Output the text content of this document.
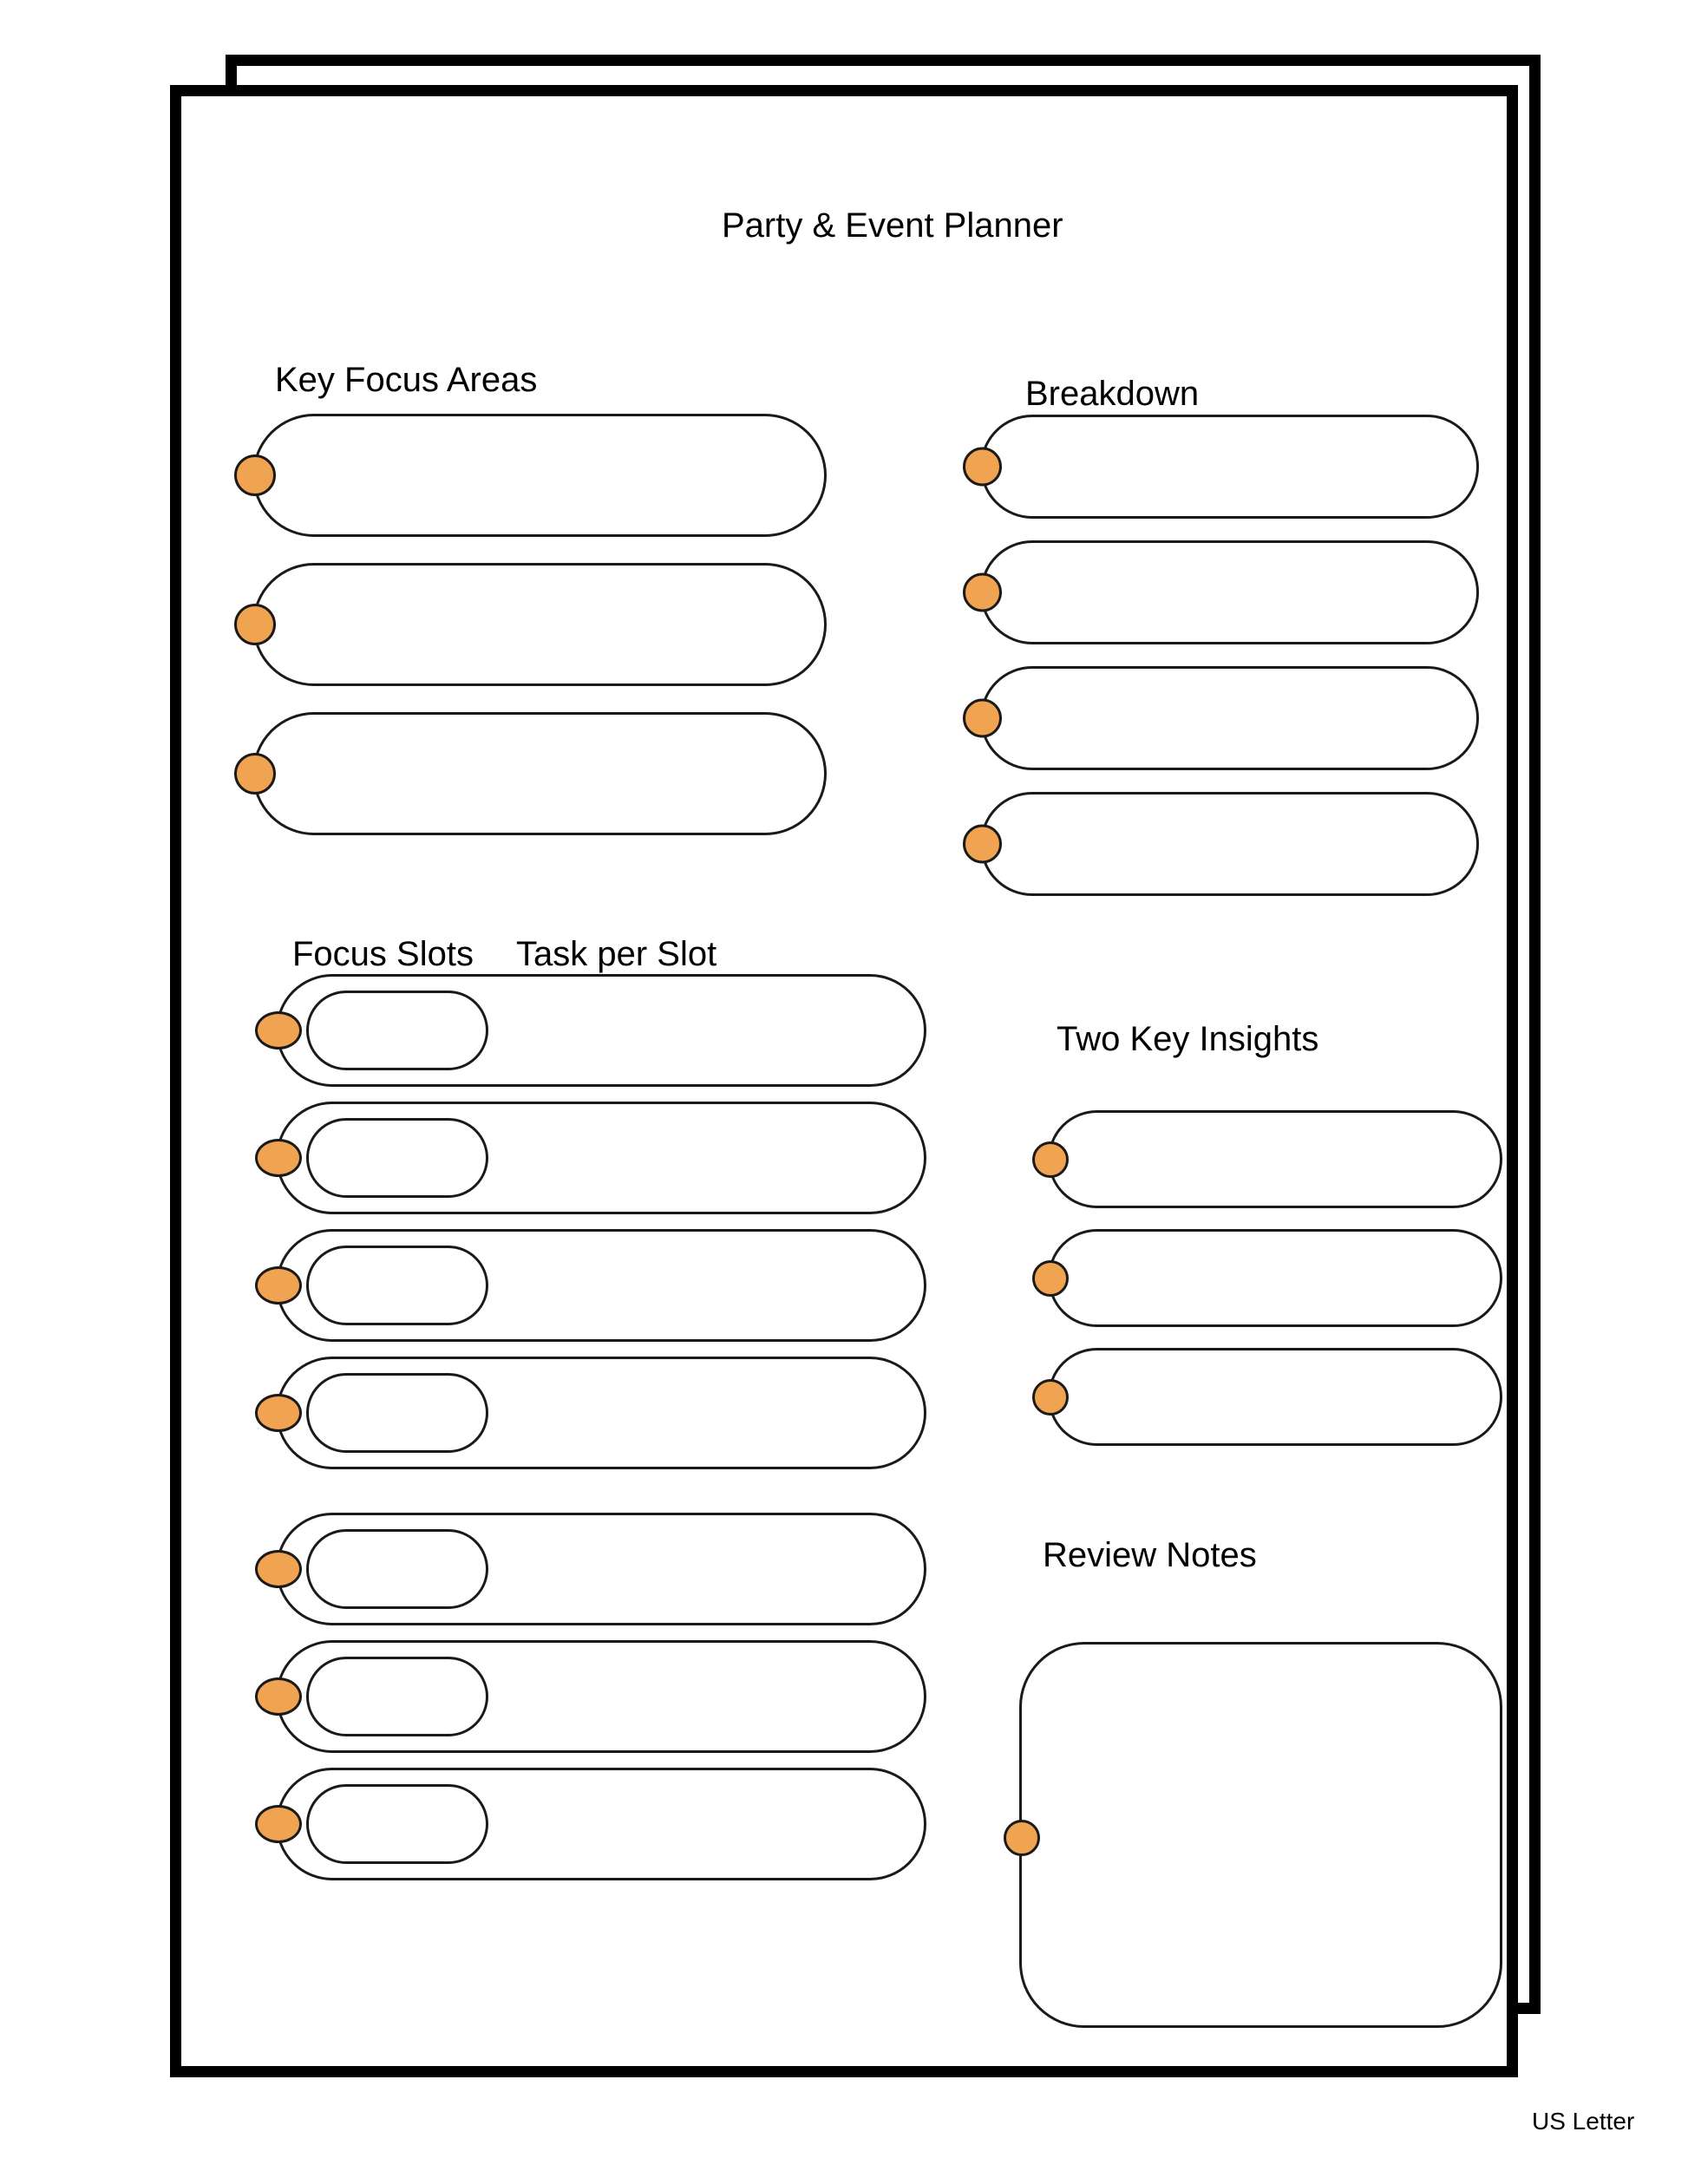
Party & Event Planner
Key Focus Areas	Breakdown
Focus Slots Task per Slot
Two Key Insights
Review Notes
US Letter
